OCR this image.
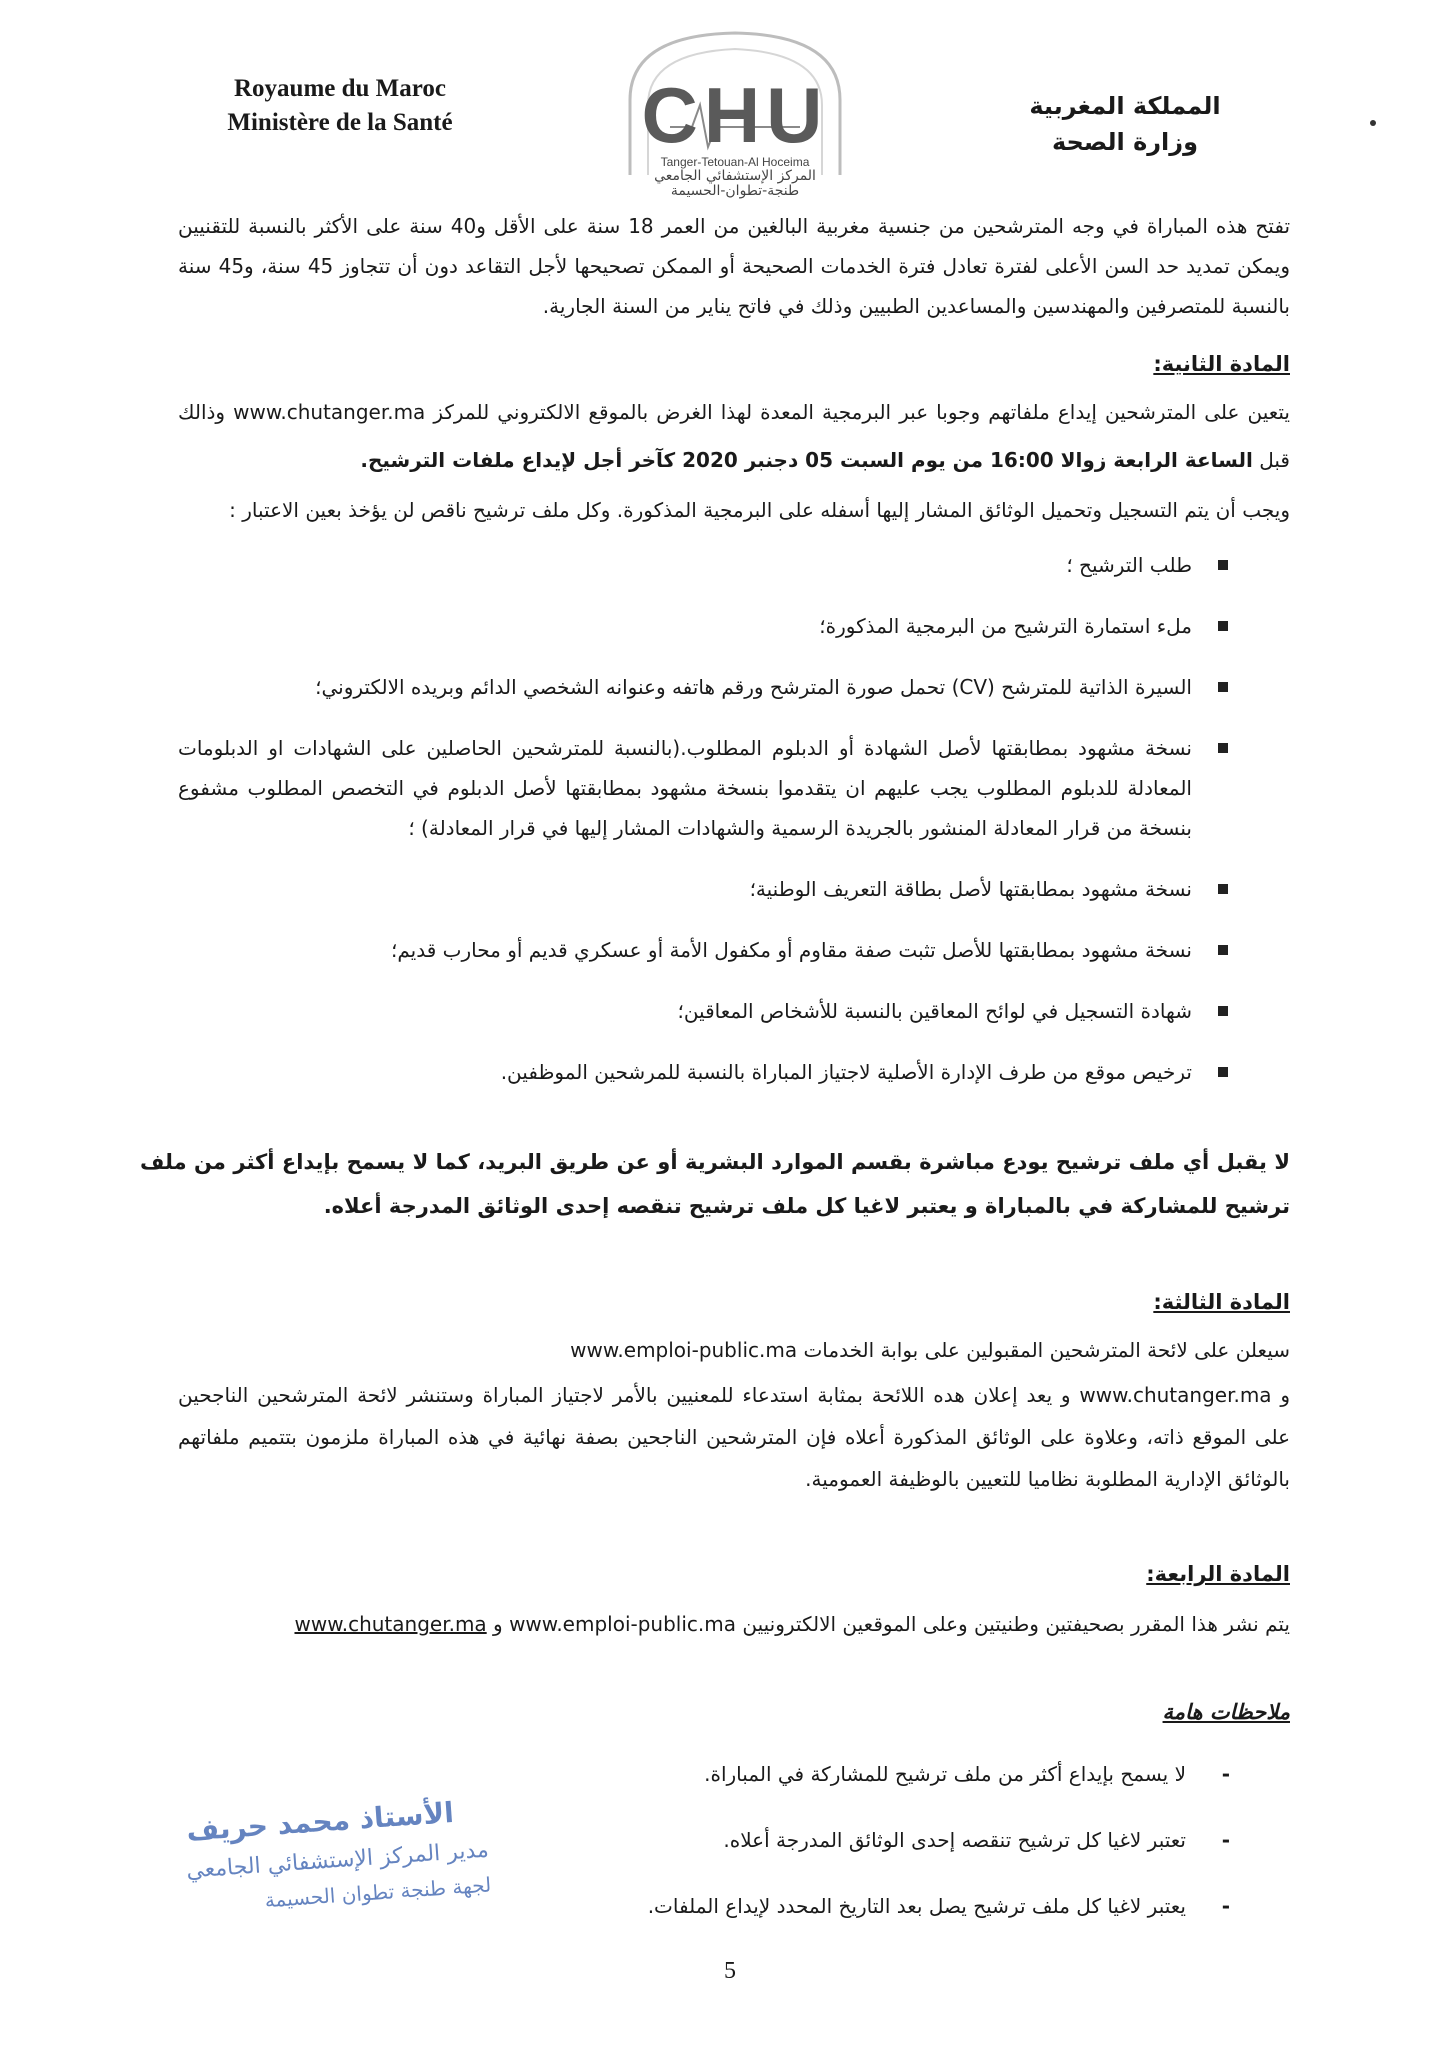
Royaume du Maroc
Ministère de la Santé
المملكة المغربية
وزارة الصحة
CHU
Tanger-Tetouan-Al Hoceima
المركز الإستشفائي الجامعي
طنجة-تطوان-الحسيمة
تفتح هذه المباراة في وجه المترشحين من جنسية مغربية البالغين من العمر 18 سنة على الأقل و40 سنة على الأكثر بالنسبة للتقنيين ويمكن تمديد حد السن الأعلى لفترة تعادل فترة الخدمات الصحيحة أو الممكن تصحيحها لأجل التقاعد دون أن تتجاوز 45 سنة، و45 سنة بالنسبة للمتصرفين والمهندسين والمساعدين الطبيين وذلك في فاتح يناير من السنة الجارية.
المادة الثانية:
يتعين على المترشحين إيداع ملفاتهم وجوبا عبر البرمجية المعدة لهذا الغرض بالموقع الالكتروني للمركز www.chutanger.ma وذالك
قبل الساعة الرابعة زوالا 16:00 من يوم السبت 05 دجنبر 2020 كآخر أجل لإيداع ملفات الترشيح.
ويجب أن يتم التسجيل وتحميل الوثائق المشار إليها أسفله على البرمجية المذكورة. وكل ملف ترشيح ناقص لن يؤخذ بعين الاعتبار :
طلب الترشيح ؛
ملء استمارة الترشيح من البرمجية المذكورة؛
السيرة الذاتية للمترشح (CV) تحمل صورة المترشح ورقم هاتفه وعنوانه الشخصي الدائم وبريده الالكتروني؛
نسخة مشهود بمطابقتها لأصل الشهادة أو الدبلوم المطلوب.(بالنسبة للمترشحين الحاصلين على الشهادات او الدبلومات المعادلة للدبلوم المطلوب يجب عليهم ان يتقدموا بنسخة مشهود بمطابقتها لأصل الدبلوم في التخصص المطلوب مشفوع بنسخة من قرار المعادلة المنشور بالجريدة الرسمية والشهادات المشار إليها في قرار المعادلة) ؛
نسخة مشهود بمطابقتها لأصل بطاقة التعريف الوطنية؛
نسخة مشهود بمطابقتها للأصل تثبت صفة مقاوم أو مكفول الأمة أو عسكري قديم أو محارب قديم؛
شهادة التسجيل في لوائح المعاقين بالنسبة للأشخاص المعاقين؛
ترخيص موقع من طرف الإدارة الأصلية لاجتياز المباراة بالنسبة للمرشحين الموظفين.
لا يقبل أي ملف ترشيح يودع مباشرة بقسم الموارد البشرية أو عن طريق البريد، كما لا يسمح بإيداع أكثر من ملف ترشيح للمشاركة في بالمباراة و يعتبر لاغيا كل ملف ترشيح تنقصه إحدى الوثائق المدرجة أعلاه.
المادة الثالثة:
سيعلن على لائحة المترشحين المقبولين على بوابة الخدمات www.emploi-public.ma
و www.chutanger.ma و يعد إعلان هده اللائحة بمثابة استدعاء للمعنيين بالأمر لاجتياز المباراة وستنشر لائحة المترشحين الناجحين على الموقع ذاته، وعلاوة على الوثائق المذكورة أعلاه فإن المترشحين الناجحين بصفة نهائية في هذه المباراة ملزمون بتتميم ملفاتهم بالوثائق الإدارية المطلوبة نظاميا للتعيين بالوظيفة العمومية.
المادة الرابعة:
يتم نشر هذا المقرر بصحيفتين وطنيتين وعلى الموقعين الالكترونيين www.emploi-public.ma و www.chutanger.ma
ملاحظات هامة
- لا يسمح بإيداع أكثر من ملف ترشيح للمشاركة في المباراة.
- تعتبر لاغيا كل ترشيح تنقصه إحدى الوثائق المدرجة أعلاه.
- يعتبر لاغيا كل ملف ترشيح يصل بعد التاريخ المحدد لإيداع الملفات.
الأستاذ محمد حريف
مدير المركز الإستشفائي الجامعي
لجهة طنجة تطوان الحسيمة
5
